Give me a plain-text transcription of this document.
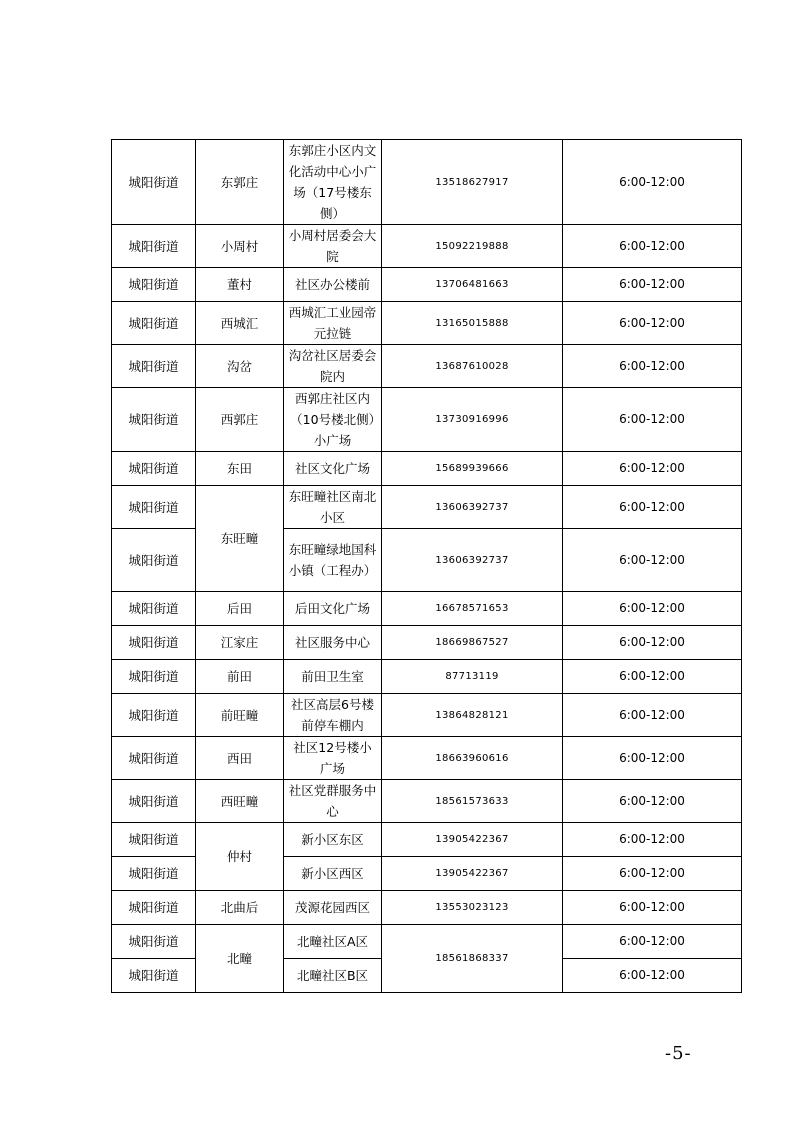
城阳街道	东郭庄	东郭庄小区内文化活动中心小广场（17号楼东侧）	13518627917	6:00-12:00
城阳街道	小周村	小周村居委会大院	15092219888	6:00-12:00
城阳街道	董村	社区办公楼前	13706481663	6:00-12:00
城阳街道	西城汇	西城汇工业园帝元拉链	13165015888	6:00-12:00
城阳街道	沟岔	沟岔社区居委会院内	13687610028	6:00-12:00
城阳街道	西郭庄	西郭庄社区内（10号楼北侧）小广场	13730916996	6:00-12:00
城阳街道	东田	社区文化广场	15689939666	6:00-12:00
城阳街道	东旺疃	东旺疃社区南北小区	13606392737	6:00-12:00
城阳街道		东旺疃绿地国科小镇（工程办）	13606392737	6:00-12:00
城阳街道	后田	后田文化广场	16678571653	6:00-12:00
城阳街道	江家庄	社区服务中心	18669867527	6:00-12:00
城阳街道	前田	前田卫生室	87713119	6:00-12:00
城阳街道	前旺疃	社区高层6号楼前停车棚内	13864828121	6:00-12:00
城阳街道	西田	社区12号楼小广场	18663960616	6:00-12:00
城阳街道	西旺疃	社区党群服务中心	18561573633	6:00-12:00
城阳街道	仲村	新小区东区	13905422367	6:00-12:00
城阳街道		新小区西区	13905422367	6:00-12:00
城阳街道	北曲后	茂源花园西区	13553023123	6:00-12:00
城阳街道	北疃	北疃社区A区	18561868337	6:00-12:00
城阳街道		北疃社区B区		6:00-12:00
-5-
